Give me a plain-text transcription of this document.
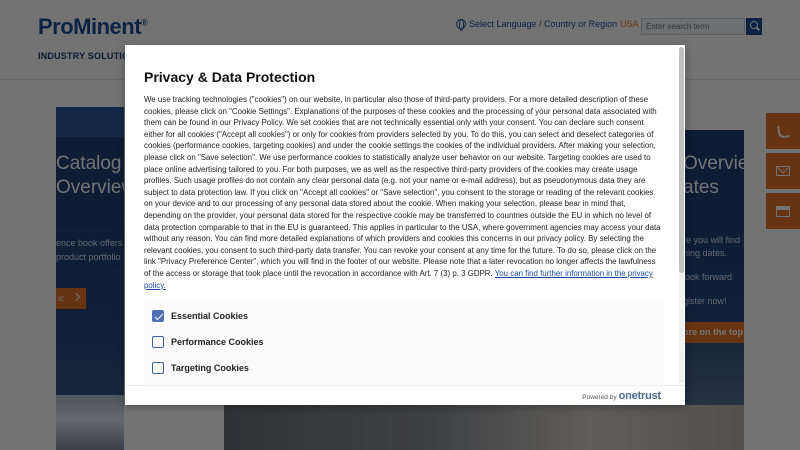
Enter search term
Privacy & Data Protection
We use tracking technologies ("cookies") on our website, in particular also those of third-party providers. For a more detailed description of these cookies, please click on "Cookie Settings". Explanations of the purposes of these cookies and the processing of your personal data associated with them can be found in our Privacy Policy. We set cookies that are not technically essential only with your consent. You can declare such consent either for all cookies ("Accept all cookies") or only for cookies from providers selected by you. To do this, you can select and deselect categories of cookies (performance cookies, targeting cookies) and under the cookie settings the cookies of the individual providers. After making your selection, please click on "Save selection". We use performance cookies to statistically analyze user behavior on our website. Targeting cookies are used to place online advertising tailored to you. For both purposes, we as well as the respective third-party providers of the cookies may create usage profiles. Such usage profiles do not contain any clear personal data (e.g. not your name or e-mail address), but as pseudonymous data they are subject to data protection law. If you click on "Accept all cookies" or "Save selection", you consent to the storage or reading of the relevant cookies on your device and to our processing of any personal data stored about the cookie. When making your selection, please bear in mind that, depending on the provider, your personal data stored for the respective cookie may be transferred to countries outside the EU in which no level of data protection comparable to that in the EU is guaranteed. This applies in particular to the USA, where government agencies may access your data without any reason. You can find more detailed explanations of which providers and cookies this concerns in our privacy policy. By selecting the relevant cookies, you consent to such third-party data transfer. You can revoke your consent at any time for the future. To do so, please click on the link "Privacy Preference Center", which you will find in the footer of our website. Please note that a later revocation no longer affects the lawfulness of the access or storage that took place until the revocation in accordance with Art. 7 (3) p. 3 GDPR. You can find further information in the privacy policy.
Essential Cookies
Performance Cookies
Targeting Cookies
Powered by onetrust
